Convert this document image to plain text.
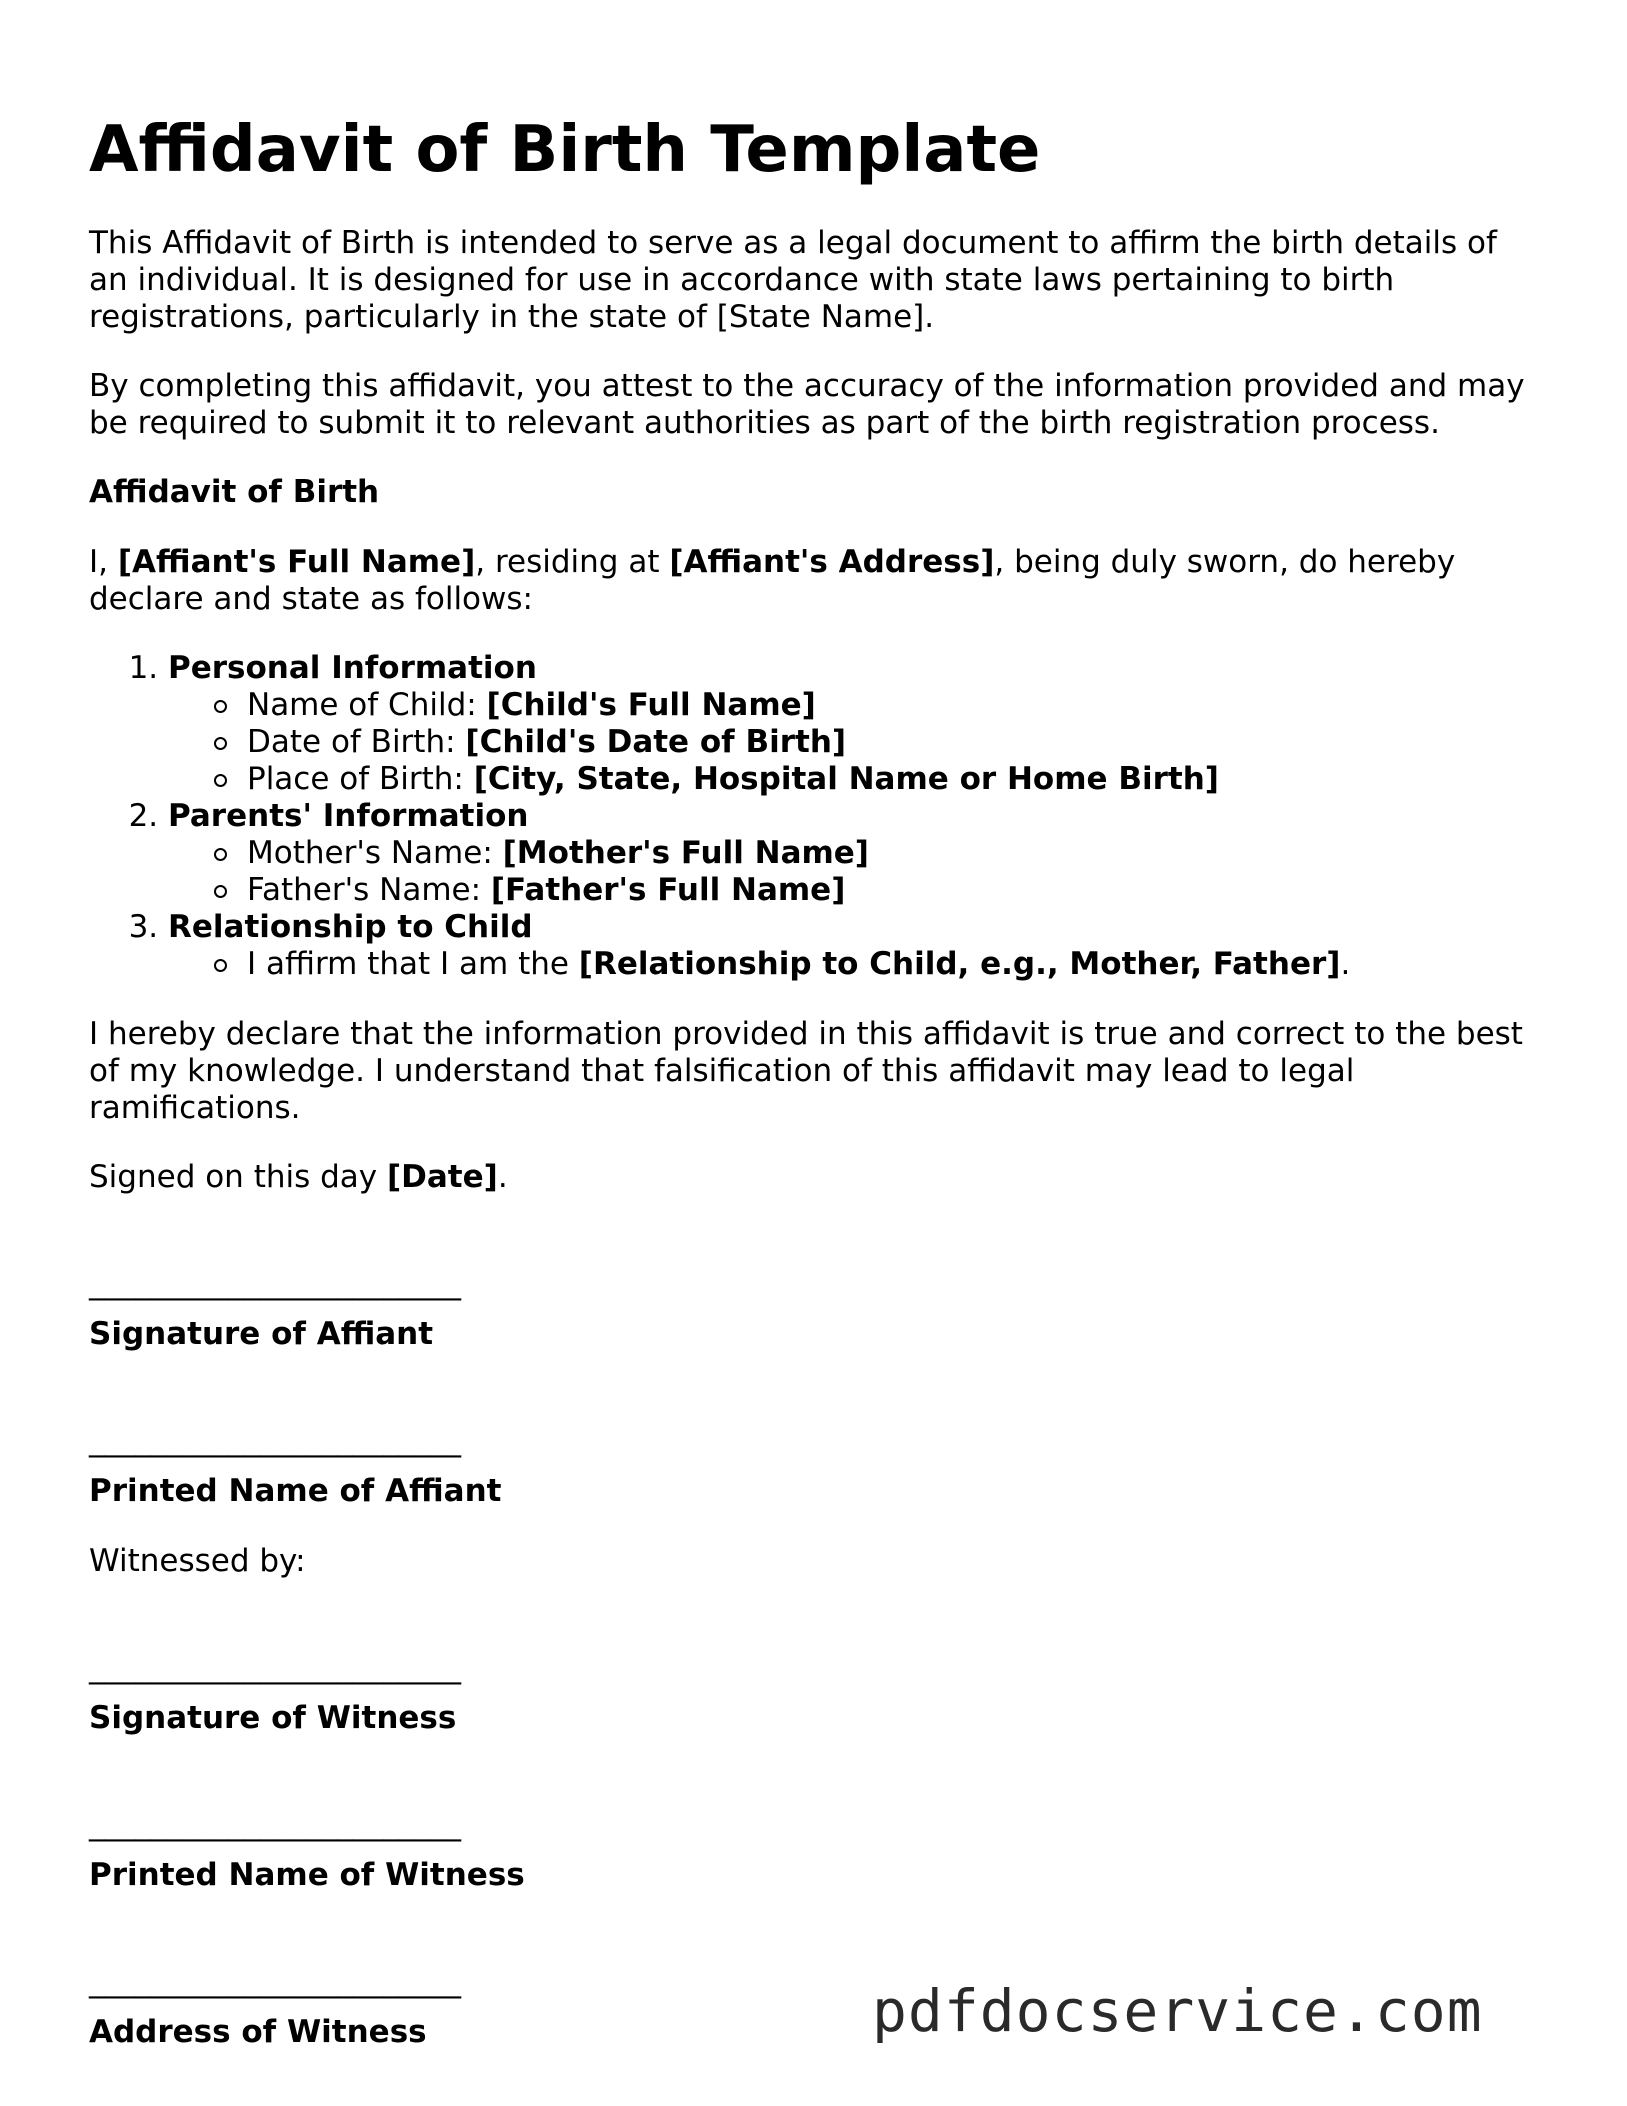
Affidavit of Birth Template

This Affidavit of Birth is intended to serve as a legal document to affirm the birth details of an individual. It is designed for use in accordance with state laws pertaining to birth registrations, particularly in the state of [State Name].

By completing this affidavit, you attest to the accuracy of the information provided and may be required to submit it to relevant authorities as part of the birth registration process.

Affidavit of Birth

I, [Affiant's Full Name], residing at [Affiant's Address], being duly sworn, do hereby declare and state as follows:

1. Personal Information
Name of Child: [Child's Full Name]
Date of Birth: [Child's Date of Birth]
Place of Birth: [City, State, Hospital Name or Home Birth]
2. Parents' Information
Mother's Name: [Mother's Full Name]
Father's Name: [Father's Full Name]
3. Relationship to Child
I affirm that I am the [Relationship to Child, e.g., Mother, Father].

I hereby declare that the information provided in this affidavit is true and correct to the best of my knowledge. I understand that falsification of this affidavit may lead to legal ramifications.

Signed on this day [Date].

________________________
Signature of Affiant
________________________
Printed Name of Affiant
Witnessed by:
________________________
Signature of Witness
________________________
Printed Name of Witness
________________________
Address of Witness	pdfdocservice.com
